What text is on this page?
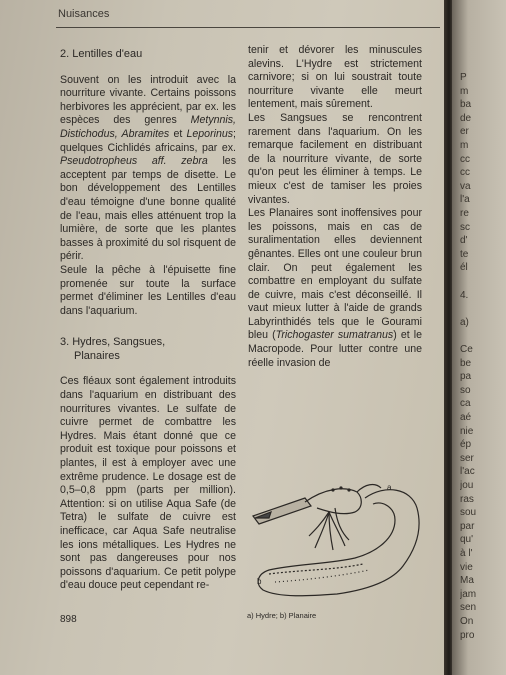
Nuisances
2. Lentilles d'eau

Souvent on les introduit avec la nourriture vivante. Certains poissons herbivores les apprécient, par ex. les espèces des genres Metynnis, Distichodus, Abramites et Leporinus; quelques Cichlidés africains, par ex. Pseudotropheus aff. zebra les acceptent par temps de disette. Le bon développement des Lentilles d'eau témoigne d'une bonne qualité de l'eau, mais elles atténuent trop la lumière, de sorte que les plantes basses à proximité du sol risquent de périr.

Seule la pêche à l'épuisette fine promenée sur toute la surface permet d'éliminer les Lentilles d'eau dans l'aquarium.

3. Hydres, Sangsues,
Planaires

Ces fléaux sont également introduits dans l'aquarium en distribuant des nourritures vivantes. Le sulfate de cuivre permet de combattre les Hydres. Mais étant donné que ce produit est toxique pour poissons et plantes, il est à employer avec une extrême prudence. Le dosage est de 0,5–0,8 ppm (parts per million). Attention: si on utilise Aqua Safe (de Tetra) le sulfate de cuivre est inefficace, car Aqua Safe neutralise les ions métalliques. Les Hydres ne sont pas dangereuses pour nos poissons d'aquarium. Ce petit polype d'eau douce peut cependant re-

tenir et dévorer les minuscules alevins. L'Hydre est strictement carnivore; si on lui soustrait toute nourriture vivante elle meurt lentement, mais sûrement.

Les Sangsues se rencontrent rarement dans l'aquarium. On les remarque facilement en distribuant de la nourriture vivante, de sorte qu'on peut les éliminer à temps. Le mieux c'est de tamiser les proies vivantes.

Les Planaires sont inoffensives pour les poissons, mais en cas de suralimentation elles deviennent gênantes. Elles ont une couleur brun clair. On peut également les combattre en employant du sulfate de cuivre, mais c'est déconseillé. Il vaut mieux lutter à l'aide de grands Labyrinthidés tels que le Gourami bleu (Trichogaster sumatranus) et le Macropode. Pour lutter contre une réelle invasion de

a
b
a) Hydre; b) Planaire
898
P
m
ba
de
er
m
cc
cc
va
l'a
re
sc
d'
te
él
4.
a)
Ce
be
pa
so
ca
aé
nie
ép
ser
l'ac
jou
ras
sou
par
qu'
à l'
vie
Ma
jam
sen
On
pro
